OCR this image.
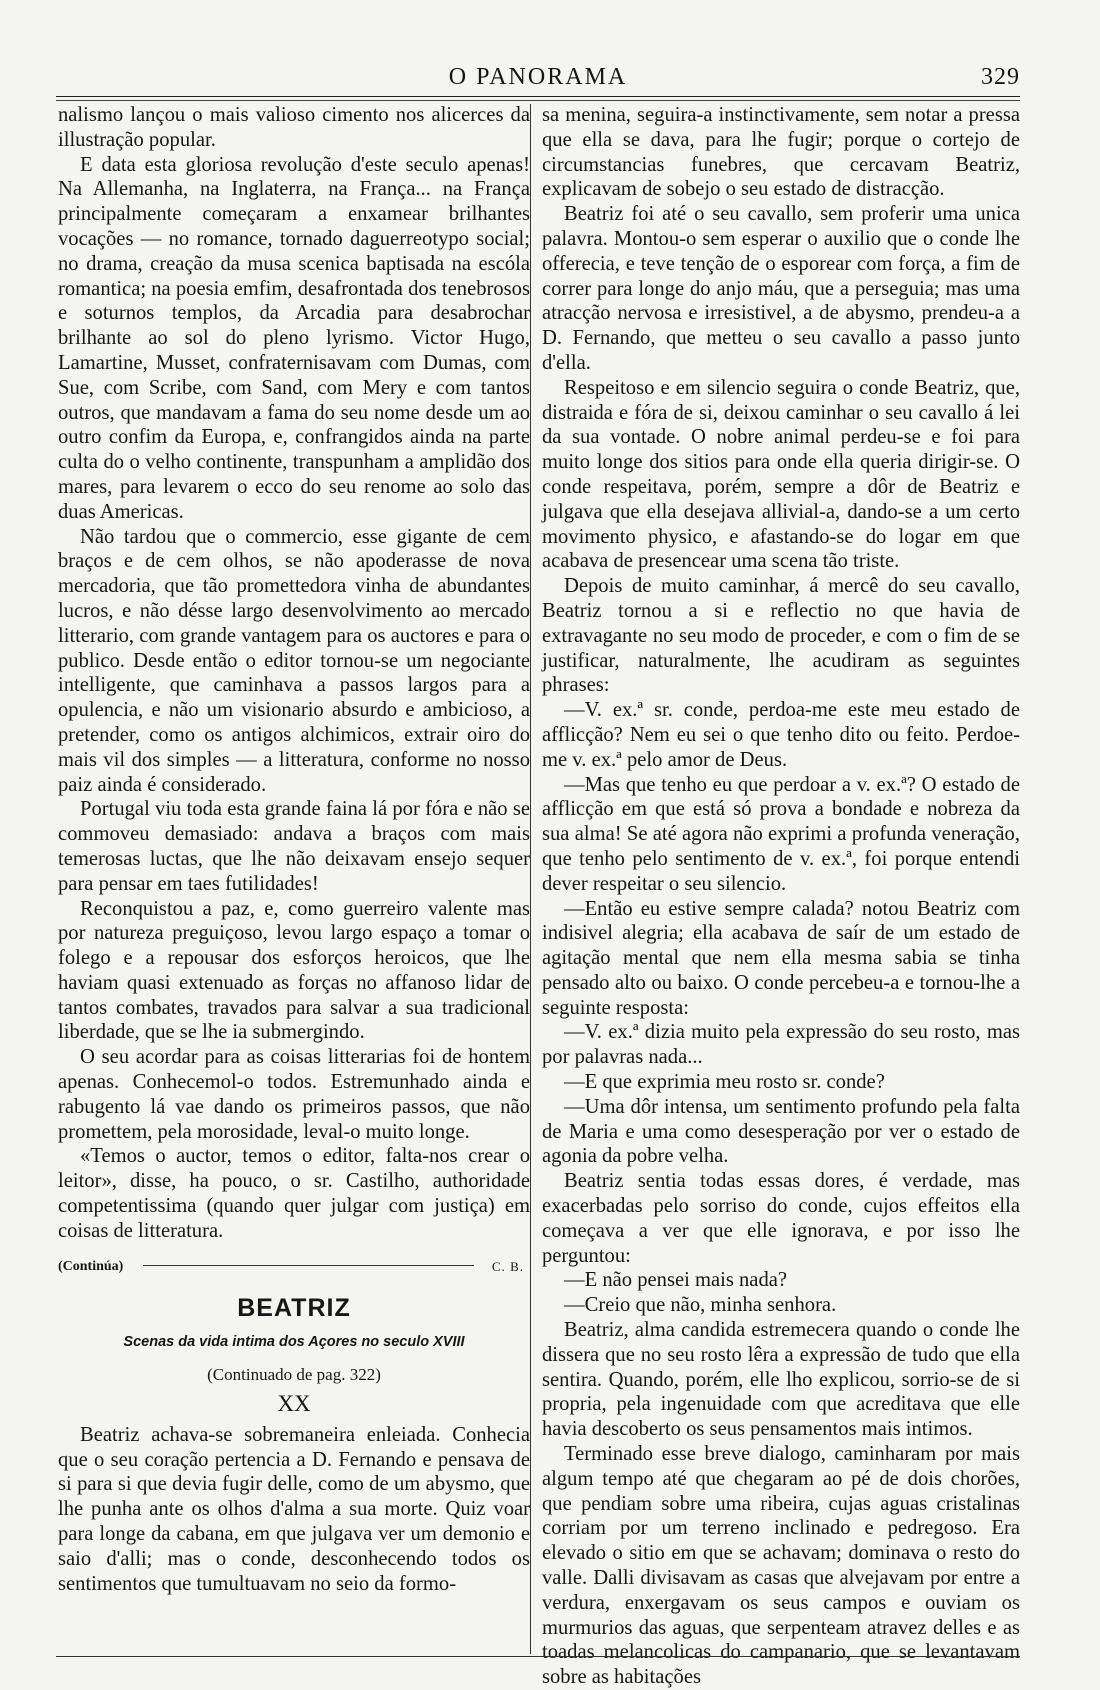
O PANORAMA	329

nalismo lançou o mais valioso cimento nos alicerces da illustração popular.

E data esta gloriosa revolução d'este seculo apenas! Na Allemanha, na Inglaterra, na França... na França principalmente começaram a enxamear brilhantes vocações — no romance, tornado daguerreotypo social; no drama, creação da musa scenica baptisada na escóla romantica; na poesia emfim, desafrontada dos tenebrosos e soturnos templos, da Arcadia para desabrochar brilhante ao sol do pleno lyrismo. Victor Hugo, Lamartine, Musset, confraternisavam com Dumas, com Sue, com Scribe, com Sand, com Mery e com tantos outros, que mandavam a fama do seu nome desde um ao outro confim da Europa, e, confrangidos ainda na parte culta do o velho continente, transpunham a amplidão dos mares, para levarem o ecco do seu renome ao solo das duas Americas.

Não tardou que o commercio, esse gigante de cem braços e de cem olhos, se não apoderasse de nova mercadoria, que tão promettedora vinha de abundantes lucros, e não désse largo desenvolvimento ao mercado litterario, com grande vantagem para os auctores e para o publico. Desde então o editor tornou-se um negociante intelligente, que caminhava a passos largos para a opulencia, e não um visionario absurdo e ambicioso, a pretender, como os antigos alchimicos, extrair oiro do mais vil dos simples — a litteratura, conforme no nosso paiz ainda é considerado.

Portugal viu toda esta grande faina lá por fóra e não se commoveu demasiado: andava a braços com mais temerosas luctas, que lhe não deixavam ensejo sequer para pensar em taes futilidades!

Reconquistou a paz, e, como guerreiro valente mas por natureza preguiçoso, levou largo espaço a tomar o folego e a repousar dos esforços heroicos, que lhe haviam quasi extenuado as forças no affanoso lidar de tantos combates, travados para salvar a sua tradicional liberdade, que se lhe ia submergindo.

O seu acordar para as coisas litterarias foi de hontem apenas. Conhecemol-o todos. Estremunhado ainda e rabugento lá vae dando os primeiros passos, que não promettem, pela morosidade, leval-o muito longe.

«Temos o auctor, temos o editor, falta-nos crear o leitor», disse, ha pouco, o sr. Castilho, authoridade competentissima (quando quer julgar com justiça) em coisas de litteratura.

(Continúa)	C. B.
BEATRIZ
Scenas da vida intima dos Açores no seculo XVIII
(Continuado de pag. 322)
XX

Beatriz achava-se sobremaneira enleiada. Conhecia que o seu coração pertencia a D. Fernando e pensava de si para si que devia fugir delle, como de um abysmo, que lhe punha ante os olhos d'alma a sua morte. Quiz voar para longe da cabana, em que julgava ver um demonio e saio d'alli; mas o conde, desconhecendo todos os sentimentos que tumultuavam no seio da formo-

sa menina, seguira-a instinctivamente, sem notar a pressa que ella se dava, para lhe fugir; porque o cortejo de circumstancias funebres, que cercavam Beatriz, explicavam de sobejo o seu estado de distracção.

Beatriz foi até o seu cavallo, sem proferir uma unica palavra. Montou-o sem esperar o auxilio que o conde lhe offerecia, e teve tenção de o esporear com força, a fim de correr para longe do anjo máu, que a perseguia; mas uma atracção nervosa e irresistivel, a de abysmo, prendeu-a a D. Fernando, que metteu o seu cavallo a passo junto d'ella.

Respeitoso e em silencio seguira o conde Beatriz, que, distraida e fóra de si, deixou caminhar o seu cavallo á lei da sua vontade. O nobre animal perdeu-se e foi para muito longe dos sitios para onde ella queria dirigir-se. O conde respeitava, porém, sempre a dôr de Beatriz e julgava que ella desejava allivial-a, dando-se a um certo movimento physico, e afastando-se do logar em que acabava de presencear uma scena tão triste.

Depois de muito caminhar, á mercê do seu cavallo, Beatriz tornou a si e reflectio no que havia de extravagante no seu modo de proceder, e com o fim de se justificar, naturalmente, lhe acudiram as seguintes phrases:

—V. ex.ª sr. conde, perdoa-me este meu estado de afflicção? Nem eu sei o que tenho dito ou feito. Perdoe-me v. ex.ª pelo amor de Deus.

—Mas que tenho eu que perdoar a v. ex.ª? O estado de afflicção em que está só prova a bondade e nobreza da sua alma! Se até agora não exprimi a profunda veneração, que tenho pelo sentimento de v. ex.ª, foi porque entendi dever respeitar o seu silencio.

—Então eu estive sempre calada? notou Beatriz com indisivel alegria; ella acabava de saír de um estado de agitação mental que nem ella mesma sabia se tinha pensado alto ou baixo. O conde percebeu-a e tornou-lhe a seguinte resposta:

—V. ex.ª dizia muito pela expressão do seu rosto, mas por palavras nada...

—E que exprimia meu rosto sr. conde?

—Uma dôr intensa, um sentimento profundo pela falta de Maria e uma como desesperação por ver o estado de agonia da pobre velha.

Beatriz sentia todas essas dores, é verdade, mas exacerbadas pelo sorriso do conde, cujos effeitos ella começava a ver que elle ignorava, e por isso lhe perguntou:

—E não pensei mais nada?

—Creio que não, minha senhora.

Beatriz, alma candida estremecera quando o conde lhe dissera que no seu rosto lêra a expressão de tudo que ella sentira. Quando, porém, elle lho explicou, sorrio-se de si propria, pela ingenuidade com que acreditava que elle havia descoberto os seus pensamentos mais intimos.

Terminado esse breve dialogo, caminharam por mais algum tempo até que chegaram ao pé de dois chorões, que pendiam sobre uma ribeira, cujas aguas cristalinas corriam por um terreno inclinado e pedregoso. Era elevado o sitio em que se achavam; dominava o resto do valle. Dalli divisavam as casas que alvejavam por entre a verdura, enxergavam os seus campos e ouviam os murmurios das aguas, que serpenteam atravez delles e as toadas melancolicas do campanario, que se levantavam sobre as habitações
